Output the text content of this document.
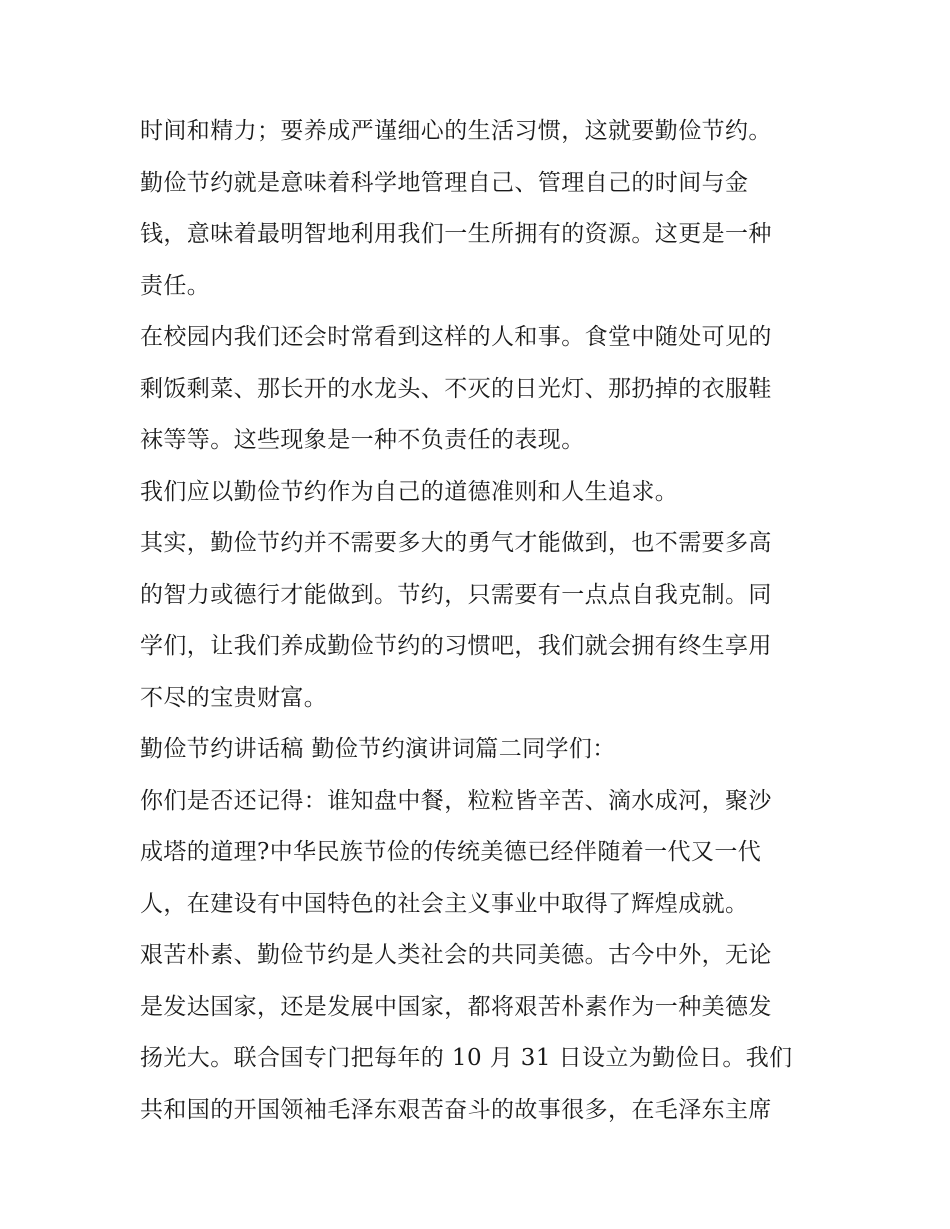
时间和精力；要养成严谨细心的生活习惯，这就要勤俭节约。
勤俭节约就是意味着科学地管理自己、管理自己的时间与金
钱，意味着最明智地利用我们一生所拥有的资源。这更是一种
责任。
在校园内我们还会时常看到这样的人和事。食堂中随处可见的
剩饭剩菜、那长开的水龙头、不灭的日光灯、那扔掉的衣服鞋
袜等等。这些现象是一种不负责任的表现。
我们应以勤俭节约作为自己的道德准则和人生追求。
其实，勤俭节约并不需要多大的勇气才能做到，也不需要多高
的智力或德行才能做到。节约，只需要有一点点自我克制。同
学们，让我们养成勤俭节约的习惯吧，我们就会拥有终生享用
不尽的宝贵财富。
勤俭节约讲话稿 勤俭节约演讲词篇二同学们：
你们是否还记得：谁知盘中餐，粒粒皆辛苦、滴水成河，聚沙
成塔的道理?中华民族节俭的传统美德已经伴随着一代又一代
人，在建设有中国特色的社会主义事业中取得了辉煌成就。
艰苦朴素、勤俭节约是人类社会的共同美德。古今中外，无论
是发达国家，还是发展中国家，都将艰苦朴素作为一种美德发
扬光大。联合国专门把每年的 10 月 31 日设立为勤俭日。我们
共和国的开国领袖毛泽东艰苦奋斗的故事很多，在毛泽东主席
